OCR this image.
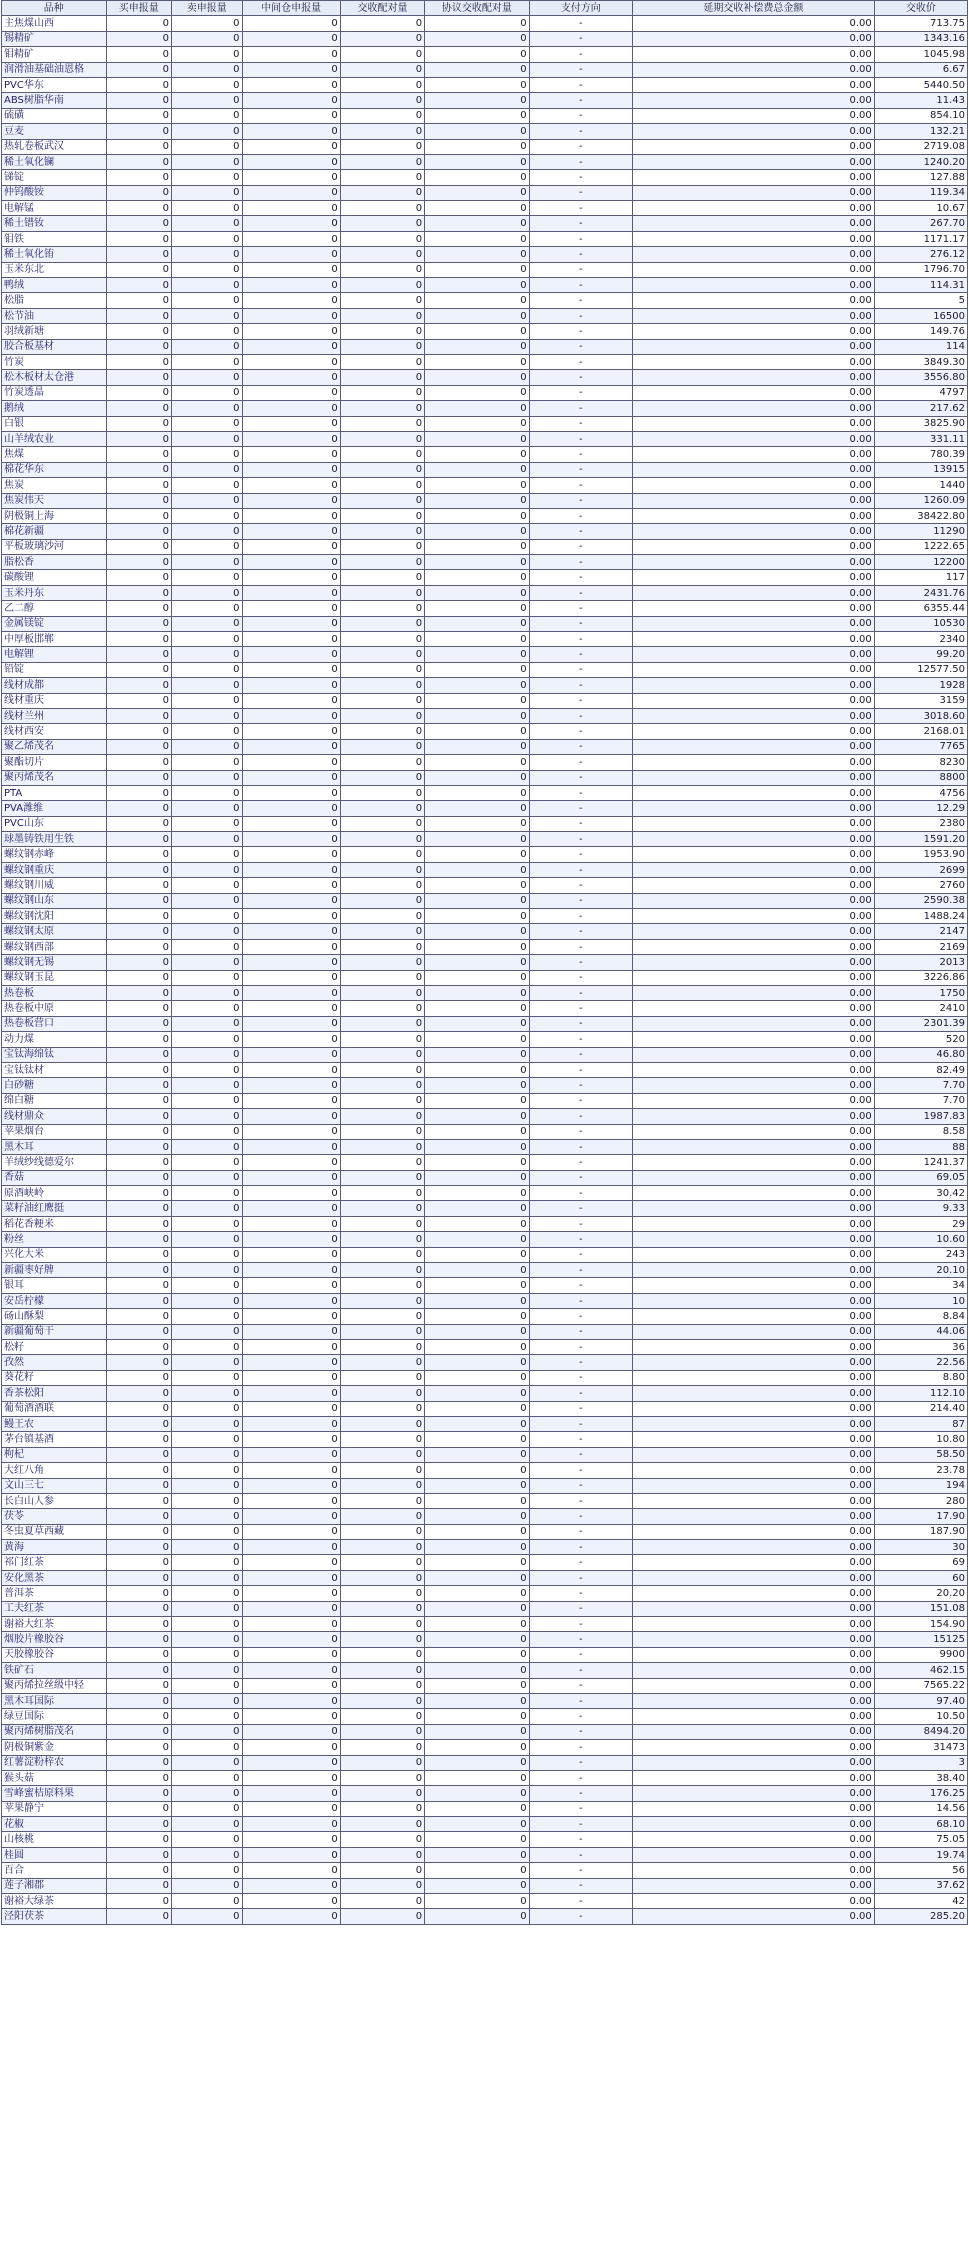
品种	买申报量	卖申报量	中间仓申报量	交收配对量	协议交收配对量	支付方向	延期交收补偿费总金额	交收价
主焦煤山西	0	0	0	0	0	-	0.00	713.75
锡精矿	0	0	0	0	0	-	0.00	1343.16
钼精矿	0	0	0	0	0	-	0.00	1045.98
润滑油基础油恩格	0	0	0	0	0	-	0.00	6.67
PVC华东	0	0	0	0	0	-	0.00	5440.50
ABS树脂华南	0	0	0	0	0	-	0.00	11.43
硫磺	0	0	0	0	0	-	0.00	854.10
豆麦	0	0	0	0	0	-	0.00	132.21
热轧卷板武汉	0	0	0	0	0	-	0.00	2719.08
稀土氧化镧	0	0	0	0	0	-	0.00	1240.20
锑锭	0	0	0	0	0	-	0.00	127.88
仲钨酸铵	0	0	0	0	0	-	0.00	119.34
电解锰	0	0	0	0	0	-	0.00	10.67
稀土镨钕	0	0	0	0	0	-	0.00	267.70
钼铁	0	0	0	0	0	-	0.00	1171.17
稀土氧化铕	0	0	0	0	0	-	0.00	276.12
玉米东北	0	0	0	0	0	-	0.00	1796.70
鸭绒	0	0	0	0	0	-	0.00	114.31
松脂	0	0	0	0	0	-	0.00	5
松节油	0	0	0	0	0	-	0.00	16500
羽绒新塘	0	0	0	0	0	-	0.00	149.76
胶合板基材	0	0	0	0	0	-	0.00	114
竹炭	0	0	0	0	0	-	0.00	3849.30
松木板材太仓港	0	0	0	0	0	-	0.00	3556.80
竹炭透晶	0	0	0	0	0	-	0.00	4797
鹅绒	0	0	0	0	0	-	0.00	217.62
白银	0	0	0	0	0	-	0.00	3825.90
山羊绒农业	0	0	0	0	0	-	0.00	331.11
焦煤	0	0	0	0	0	-	0.00	780.39
棉花华东	0	0	0	0	0	-	0.00	13915
焦炭	0	0	0	0	0	-	0.00	1440
焦炭伟天	0	0	0	0	0	-	0.00	1260.09
阴极铜上海	0	0	0	0	0	-	0.00	38422.80
棉花新疆	0	0	0	0	0	-	0.00	11290
平板玻璃沙河	0	0	0	0	0	-	0.00	1222.65
脂松香	0	0	0	0	0	-	0.00	12200
碳酸锂	0	0	0	0	0	-	0.00	117
玉米丹东	0	0	0	0	0	-	0.00	2431.76
乙二醇	0	0	0	0	0	-	0.00	6355.44
金属镁锭	0	0	0	0	0	-	0.00	10530
中厚板邯郸	0	0	0	0	0	-	0.00	2340
电解锂	0	0	0	0	0	-	0.00	99.20
铅锭	0	0	0	0	0	-	0.00	12577.50
线材成都	0	0	0	0	0	-	0.00	1928
线材重庆	0	0	0	0	0	-	0.00	3159
线材兰州	0	0	0	0	0	-	0.00	3018.60
线材西安	0	0	0	0	0	-	0.00	2168.01
聚乙烯茂名	0	0	0	0	0	-	0.00	7765
聚酯切片	0	0	0	0	0	-	0.00	8230
聚丙烯茂名	0	0	0	0	0	-	0.00	8800
PTA	0	0	0	0	0	-	0.00	4756
PVA潍维	0	0	0	0	0	-	0.00	12.29
PVC山东	0	0	0	0	0	-	0.00	2380
球墨铸铁用生铁	0	0	0	0	0	-	0.00	1591.20
螺纹钢赤峰	0	0	0	0	0	-	0.00	1953.90
螺纹钢重庆	0	0	0	0	0	-	0.00	2699
螺纹钢川威	0	0	0	0	0	-	0.00	2760
螺纹钢山东	0	0	0	0	0	-	0.00	2590.38
螺纹钢沈阳	0	0	0	0	0	-	0.00	1488.24
螺纹钢太原	0	0	0	0	0	-	0.00	2147
螺纹钢西部	0	0	0	0	0	-	0.00	2169
螺纹钢无锡	0	0	0	0	0	-	0.00	2013
螺纹钢玉昆	0	0	0	0	0	-	0.00	3226.86
热卷板	0	0	0	0	0	-	0.00	1750
热卷板中原	0	0	0	0	0	-	0.00	2410
热卷板营口	0	0	0	0	0	-	0.00	2301.39
动力煤	0	0	0	0	0	-	0.00	520
宝钛海绵钛	0	0	0	0	0	-	0.00	46.80
宝钛钛材	0	0	0	0	0	-	0.00	82.49
白砂糖	0	0	0	0	0	-	0.00	7.70
绵白糖	0	0	0	0	0	-	0.00	7.70
线材鼎众	0	0	0	0	0	-	0.00	1987.83
苹果烟台	0	0	0	0	0	-	0.00	8.58
黑木耳	0	0	0	0	0	-	0.00	88
羊绒纱线德爱尔	0	0	0	0	0	-	0.00	1241.37
香菇	0	0	0	0	0	-	0.00	69.05
原酒峡岭	0	0	0	0	0	-	0.00	30.42
菜籽油红鹰挺	0	0	0	0	0	-	0.00	9.33
稻花香粳米	0	0	0	0	0	-	0.00	29
粉丝	0	0	0	0	0	-	0.00	10.60
兴化大米	0	0	0	0	0	-	0.00	243
新疆枣好牌	0	0	0	0	0	-	0.00	20.10
银耳	0	0	0	0	0	-	0.00	34
安岳柠檬	0	0	0	0	0	-	0.00	10
砀山酥梨	0	0	0	0	0	-	0.00	8.84
新疆葡萄干	0	0	0	0	0	-	0.00	44.06
松籽	0	0	0	0	0	-	0.00	36
孜然	0	0	0	0	0	-	0.00	22.56
葵花籽	0	0	0	0	0	-	0.00	8.80
香茶松阳	0	0	0	0	0	-	0.00	112.10
葡萄酒酒联	0	0	0	0	0	-	0.00	214.40
鳗王农	0	0	0	0	0	-	0.00	87
茅台镇基酒	0	0	0	0	0	-	0.00	10.80
枸杞	0	0	0	0	0	-	0.00	58.50
大红八角	0	0	0	0	0	-	0.00	23.78
文山三七	0	0	0	0	0	-	0.00	194
长白山人参	0	0	0	0	0	-	0.00	280
茯苓	0	0	0	0	0	-	0.00	17.90
冬虫夏草西藏	0	0	0	0	0	-	0.00	187.90
黄海	0	0	0	0	0	-	0.00	30
祁门红茶	0	0	0	0	0	-	0.00	69
安化黑茶	0	0	0	0	0	-	0.00	60
普洱茶	0	0	0	0	0	-	0.00	20.20
工夫红茶	0	0	0	0	0	-	0.00	151.08
谢裕大红茶	0	0	0	0	0	-	0.00	154.90
烟胶片橡胶谷	0	0	0	0	0	-	0.00	15125
天胶橡胶谷	0	0	0	0	0	-	0.00	9900
铁矿石	0	0	0	0	0	-	0.00	462.15
聚丙烯拉丝级中轻	0	0	0	0	0	-	0.00	7565.22
黑木耳国际	0	0	0	0	0	-	0.00	97.40
绿豆国际	0	0	0	0	0	-	0.00	10.50
聚丙烯树脂茂名	0	0	0	0	0	-	0.00	8494.20
阴极铜紫金	0	0	0	0	0	-	0.00	31473
红薯淀粉梓农	0	0	0	0	0	-	0.00	3
猴头菇	0	0	0	0	0	-	0.00	38.40
雪峰蜜桔原料果	0	0	0	0	0	-	0.00	176.25
苹果静宁	0	0	0	0	0	-	0.00	14.56
花椒	0	0	0	0	0	-	0.00	68.10
山核桃	0	0	0	0	0	-	0.00	75.05
桂圆	0	0	0	0	0	-	0.00	19.74
百合	0	0	0	0	0	-	0.00	56
莲子湘郡	0	0	0	0	0	-	0.00	37.62
谢裕大绿茶	0	0	0	0	0	-	0.00	42
泾阳茯茶	0	0	0	0	0	-	0.00	285.20
